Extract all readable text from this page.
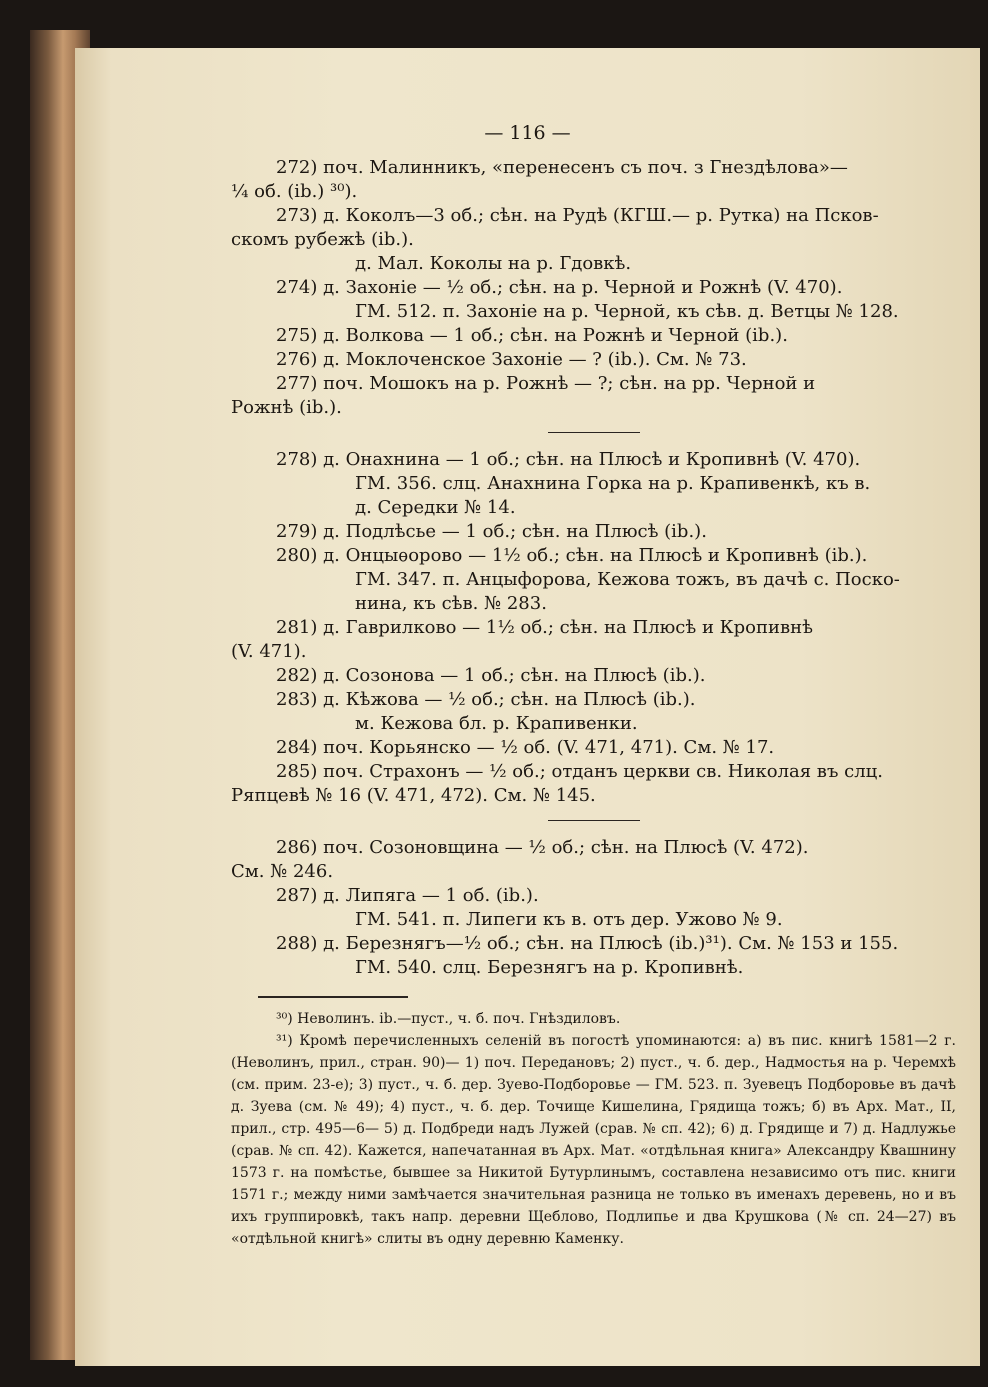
— 116 —

272) поч. Малинникъ, «перенесенъ съ поч. з Гнездѣлова»—

¼ об. (ib.) ³⁰).

273) д. Коколъ—3 об.; сѣн. на Рудѣ (КГШ.— р. Рутка) на Псков-

скомъ рубежѣ (ib.).

д. Мал. Коколы на р. Гдовкѣ.

274) д. Захоніе — ½ об.; сѣн. на р. Черной и Рожнѣ (V. 470).

ГМ. 512. п. Захоніе на р. Черной, къ сѣв. д. Ветцы № 128.

275) д. Волкова — 1 об.; сѣн. на Рожнѣ и Черной (ib.).

276) д. Моклоченское Захоніе — ? (ib.). См. № 73.

277) поч. Мошокъ на р. Рожнѣ — ?; сѣн. на рр. Черной и

Рожнѣ (ib.).

278) д. Онахнина — 1 об.; сѣн. на Плюсѣ и Кропивнѣ (V. 470).

ГМ. 356. слц. Анахнина Горка на р. Крапивенкѣ, къ в.

д. Середки № 14.

279) д. Подлѣсье — 1 об.; сѣн. на Плюсѣ (ib.).

280) д. Онцыѳорово — 1½ об.; сѣн. на Плюсѣ и Кропивнѣ (ib.).

ГМ. 347. п. Анцыфорова, Кежова тожъ, въ дачѣ с. Поско-

нина, къ сѣв. № 283.

281) д. Гаврилково — 1½ об.; сѣн. на Плюсѣ и Кропивнѣ

(V. 471).

282) д. Созонова — 1 об.; сѣн. на Плюсѣ (ib.).

283) д. Кѣжова — ½ об.; сѣн. на Плюсѣ (ib.).

м. Кежова бл. р. Крапивенки.

284) поч. Корьянско — ½ об. (V. 471, 471). См. № 17.

285) поч. Страхонъ — ½ об.; отданъ церкви св. Николая въ слц.

Ряпцевѣ № 16 (V. 471, 472). См. № 145.

286) поч. Созоновщина — ½ об.; сѣн. на Плюсѣ (V. 472).

См. № 246.

287) д. Липяга — 1 об. (ib.).

ГМ. 541. п. Липеги къ в. отъ дер. Ужово № 9.

288) д. Березнягъ—½ об.; сѣн. на Плюсѣ (ib.)³¹). См. № 153 и 155.

ГМ. 540. слц. Березнягъ на р. Кропивнѣ.

³⁰) Неволинъ. ib.—пуст., ч. б. поч. Гнѣздиловъ.

³¹) Кромѣ перечисленныхъ селеній въ погостѣ упоминаются: а) въ пис. книгѣ 1581—2 г. (Неволинъ, прил., стран. 90)— 1) поч. Передановъ; 2) пуст., ч. б. дер., Надмостья на р. Черемхѣ (см. прим. 23-е); 3) пуст., ч. б. дер. Зуево-Подборовье — ГМ. 523. п. Зуевецъ Подборовье въ дачѣ д. Зуева (см. № 49); 4) пуст., ч. б. дер. Точище Кишелина, Грядища тожъ; б) въ Арх. Мат., II, прил., стр. 495—6— 5) д. Подбреди надъ Лужей (срав. № сп. 42); 6) д. Грядище и 7) д. Надлужье (срав. № сп. 42). Кажется, напечатанная въ Арх. Мат. «отдѣльная книга» Александру Квашнину 1573 г. на помѣстье, бывшее за Никитой Бутурлинымъ, составлена независимо отъ пис. книги 1571 г.; между ними замѣчается значительная разница не только въ именахъ деревень, но и въ ихъ группировкѣ, такъ напр. деревни Щеблово, Подлипье и два Крушкова (№ сп. 24—27) въ «отдѣльной книгѣ» слиты въ одну деревню Каменку.
